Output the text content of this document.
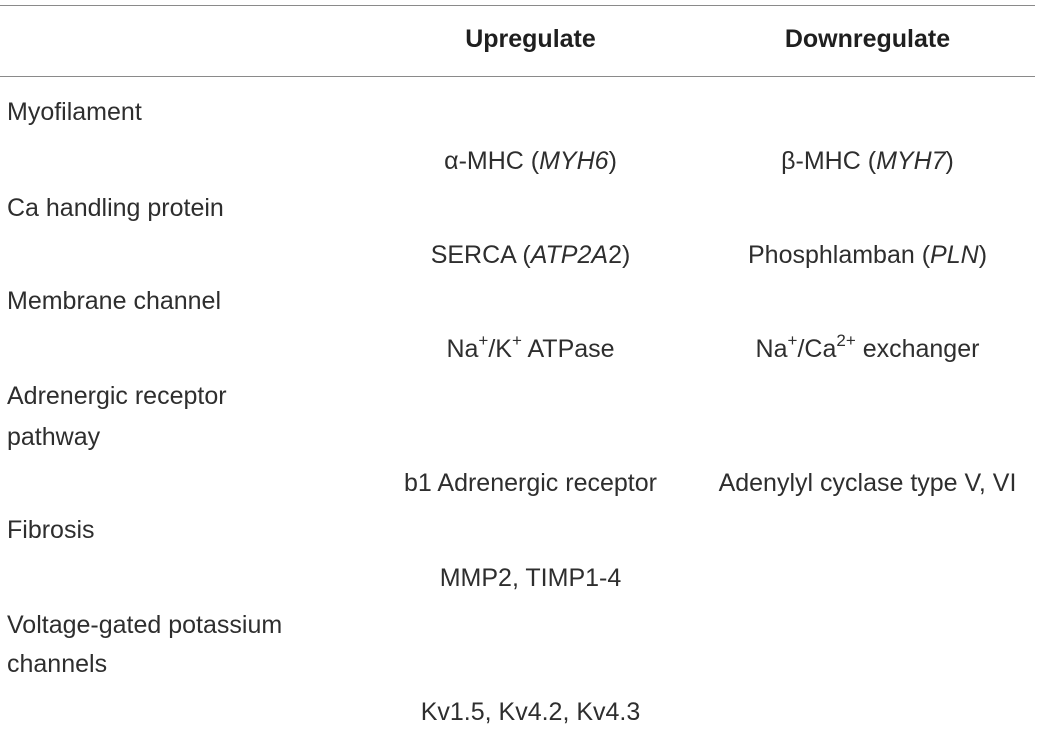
Upregulate	Downregulate
Myofilament
α-MHC (MYH6)	β-MHC (MYH7)
Ca handling protein
SERCA (ATP2A2)	Phosphlamban (PLN)
Membrane channel
Na+/K+ ATPase	$Na^+/Ca^{2+}$ exchanger
Adrenergic receptor
pathway
b1 Adrenergic receptor	Adenylyl cyclase type V, VI
Fibrosis
MMP2, TIMP1-4
Voltage-gated potassium
channels
Kv1.5, Kv4.2, Kv4.3
